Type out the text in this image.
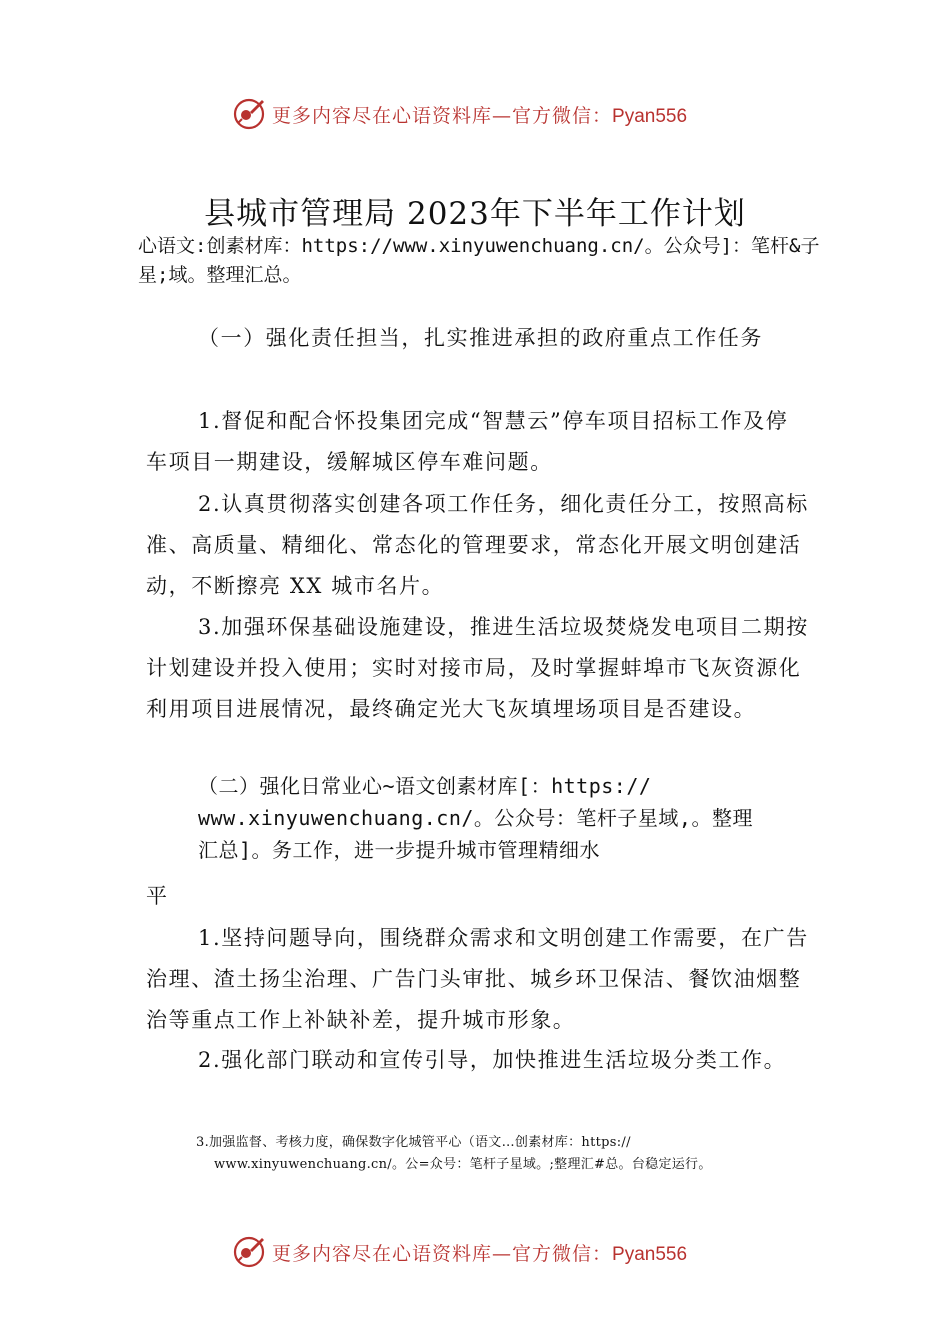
更多内容尽在心语资料库—官方微信：Pyan556
县城市管理局 2023年下半年工作计划
心语文:创素材库：https://www.xinyuwenchuang.cn/。公众号]：笔杆&子星;域。整理汇总。
（一）强化责任担当，扎实推进承担的政府重点工作任务
1.督促和配合怀投集团完成“智慧云”停车项目招标工作及停车项目一期建设，缓解城区停车难问题。
2.认真贯彻落实创建各项工作任务，细化责任分工，按照高标准、高质量、精细化、常态化的管理要求，常态化开展文明创建活动，不断擦亮 XX 城市名片。
3.加强环保基础设施建设，推进生活垃圾焚烧发电项目二期按计划建设并投入使用；实时对接市局，及时掌握蚌埠市飞灰资源化利用项目进展情况，最终确定光大飞灰填埋场项目是否建设。
（二）强化日常业心~语文创素材库[：https://
www.xinyuwenchuang.cn/。公众号：笔杆子星域,。整理
汇总]。务工作，进一步提升城市管理精细水
平
1.坚持问题导向，围绕群众需求和文明创建工作需要，在广告治理、渣土扬尘治理、广告门头审批、城乡环卫保洁、餐饮油烟整治等重点工作上补缺补差，提升城市形象。
2.强化部门联动和宣传引导，加快推进生活垃圾分类工作。
3.加强监督、考核力度，确保数字化城管平心（语文…创素材库：https://
www.xinyuwenchuang.cn/。公=众号：笔杆子星域。;整理汇#总。台稳定运行。
更多内容尽在心语资料库—官方微信：Pyan556
